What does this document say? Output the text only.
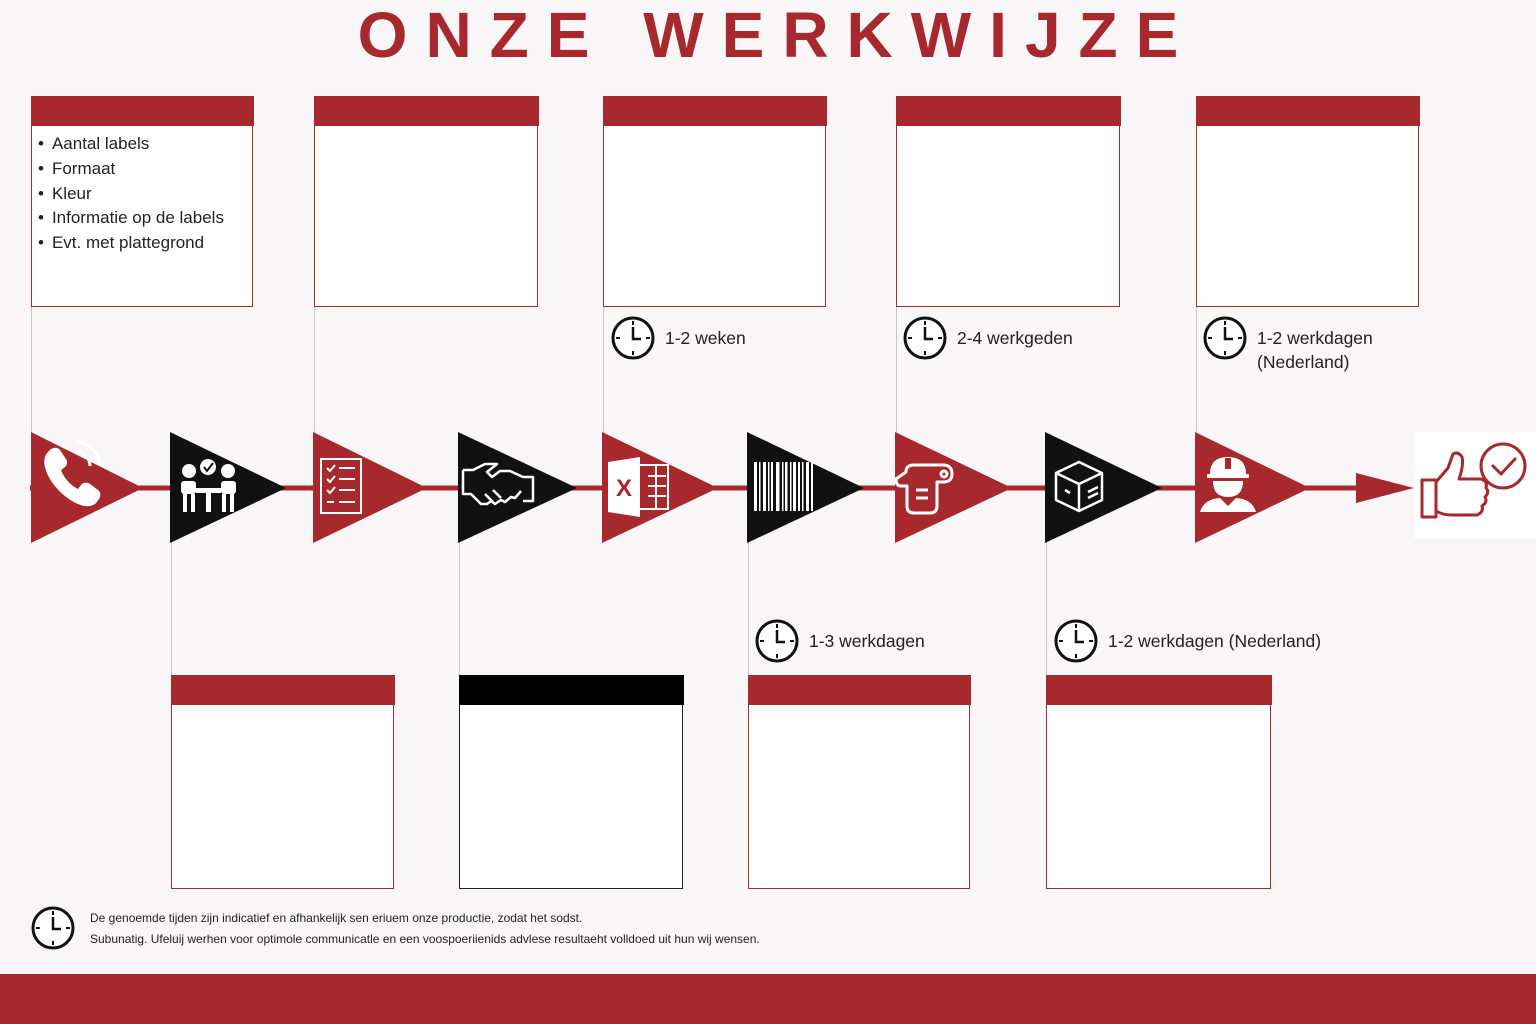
ONZE WERKWIJZE
• Aantal labels
• Formaat
• Kleur
• Informatie op de labels
• Evt. met plattegrond
1-2 weken	2-4 werkgeden	1-2 werkdagen
(Nederland)
1-3 werkdagen	1-2 werkdagen (Nederland)
X
De genoemde tijden zijn indicatief en afhankelijk sen eriuem onze productie, zodat het sodst.
Subunatig. Ufeluij werhen voor optimole communicatle en een voospoeriienids advlese resultaeht volldoed uit hun wij wensen.
